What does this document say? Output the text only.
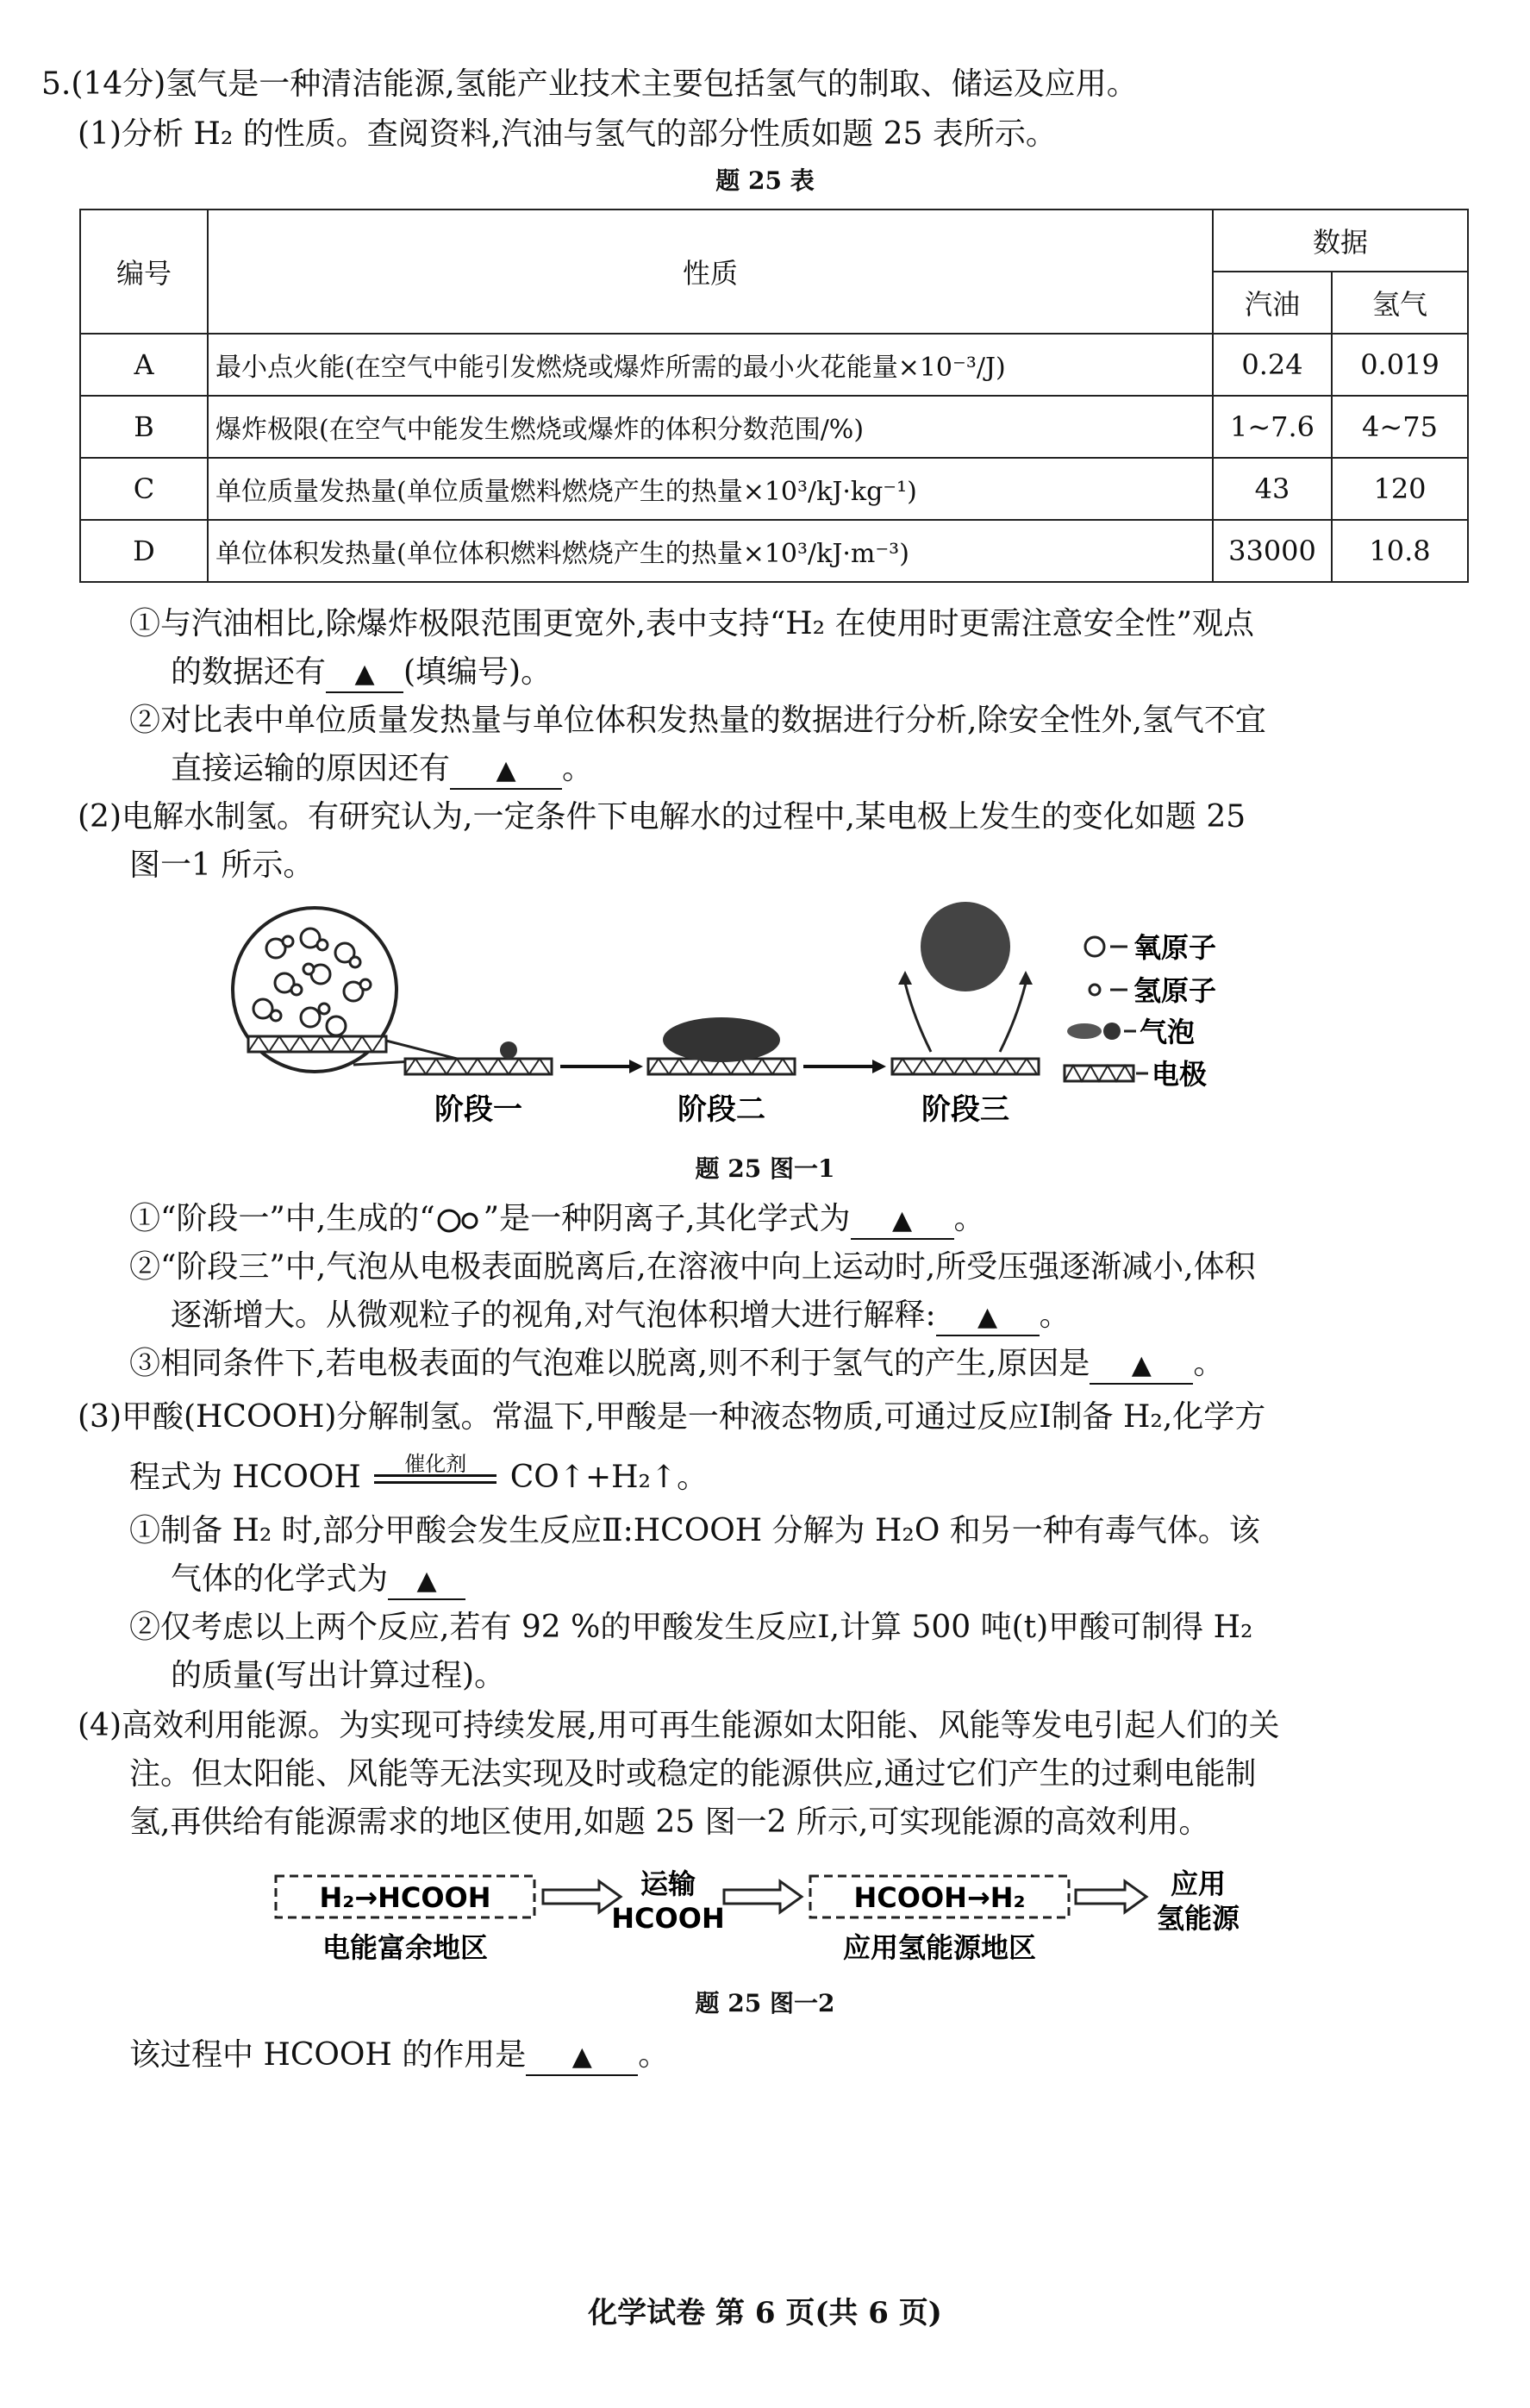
5.(14分)氢气是一种清洁能源,氢能产业技术主要包括氢气的制取、储运及应用。
(1)分析 H₂ 的性质。查阅资料,汽油与氢气的部分性质如题 25 表所示。
题 25 表
编号	性质	数据	
		汽油	氢气
A	最小点火能(在空气中能引发燃烧或爆炸所需的最小火花能量×10⁻³/J)	0.24	0.019
B	爆炸极限(在空气中能发生燃烧或爆炸的体积分数范围/%)	1~7.6	4~75
C	单位质量发热量(单位质量燃料燃烧产生的热量×10³/kJ·kg⁻¹)	43	120
D	单位体积发热量(单位体积燃料燃烧产生的热量×10³/kJ·m⁻³)	33000	10.8
①与汽油相比,除爆炸极限范围更宽外,表中支持“H₂ 在使用时更需注意安全性”观点
的数据还有 ▲ (填编号)。
②对比表中单位质量发热量与单位体积发热量的数据进行分析,除安全性外,氢气不宜
直接运输的原因还有 ▲ 。
(2)电解水制氢。有研究认为,一定条件下电解水的过程中,某电极上发生的变化如题 25
图一1 所示。
阶段一	阶段二	阶段三
氧原子
氢原子
气泡
电极
题 25 图一1
①“阶段一”中,生成的“ ”是一种阴离子,其化学式为 ▲ 。
②“阶段三”中,气泡从电极表面脱离后,在溶液中向上运动时,所受压强逐渐减小,体积
逐渐增大。从微观粒子的视角,对气泡体积增大进行解释: ▲ 。
③相同条件下,若电极表面的气泡难以脱离,则不利于氢气的产生,原因是 ▲ 。
(3)甲酸(HCOOH)分解制氢。常温下,甲酸是一种液态物质,可通过反应Ⅰ制备 H₂,化学方
程式为 HCOOH	催化剂	CO↑+H₂↑。
①制备 H₂ 时,部分甲酸会发生反应Ⅱ:HCOOH 分解为 H₂O 和另一种有毒气体。该
气体的化学式为 ▲
②仅考虑以上两个反应,若有 92 %的甲酸发生反应Ⅰ,计算 500 吨(t)甲酸可制得 H₂
的质量(写出计算过程)。
(4)高效利用能源。为实现可持续发展,用可再生能源如太阳能、风能等发电引起人们的关
注。但太阳能、风能等无法实现及时或稳定的能源供应,通过它们产生的过剩电能制
氢,再供给有能源需求的地区使用,如题 25 图一2 所示,可实现能源的高效利用。
H₂→HCOOH
电能富余地区
运输
HCOOH
HCOOH→H₂
应用氢能源地区
应用
氢能源
题 25 图一2
该过程中 HCOOH 的作用是 ▲ 。
化学试卷 第 6 页(共 6 页)
